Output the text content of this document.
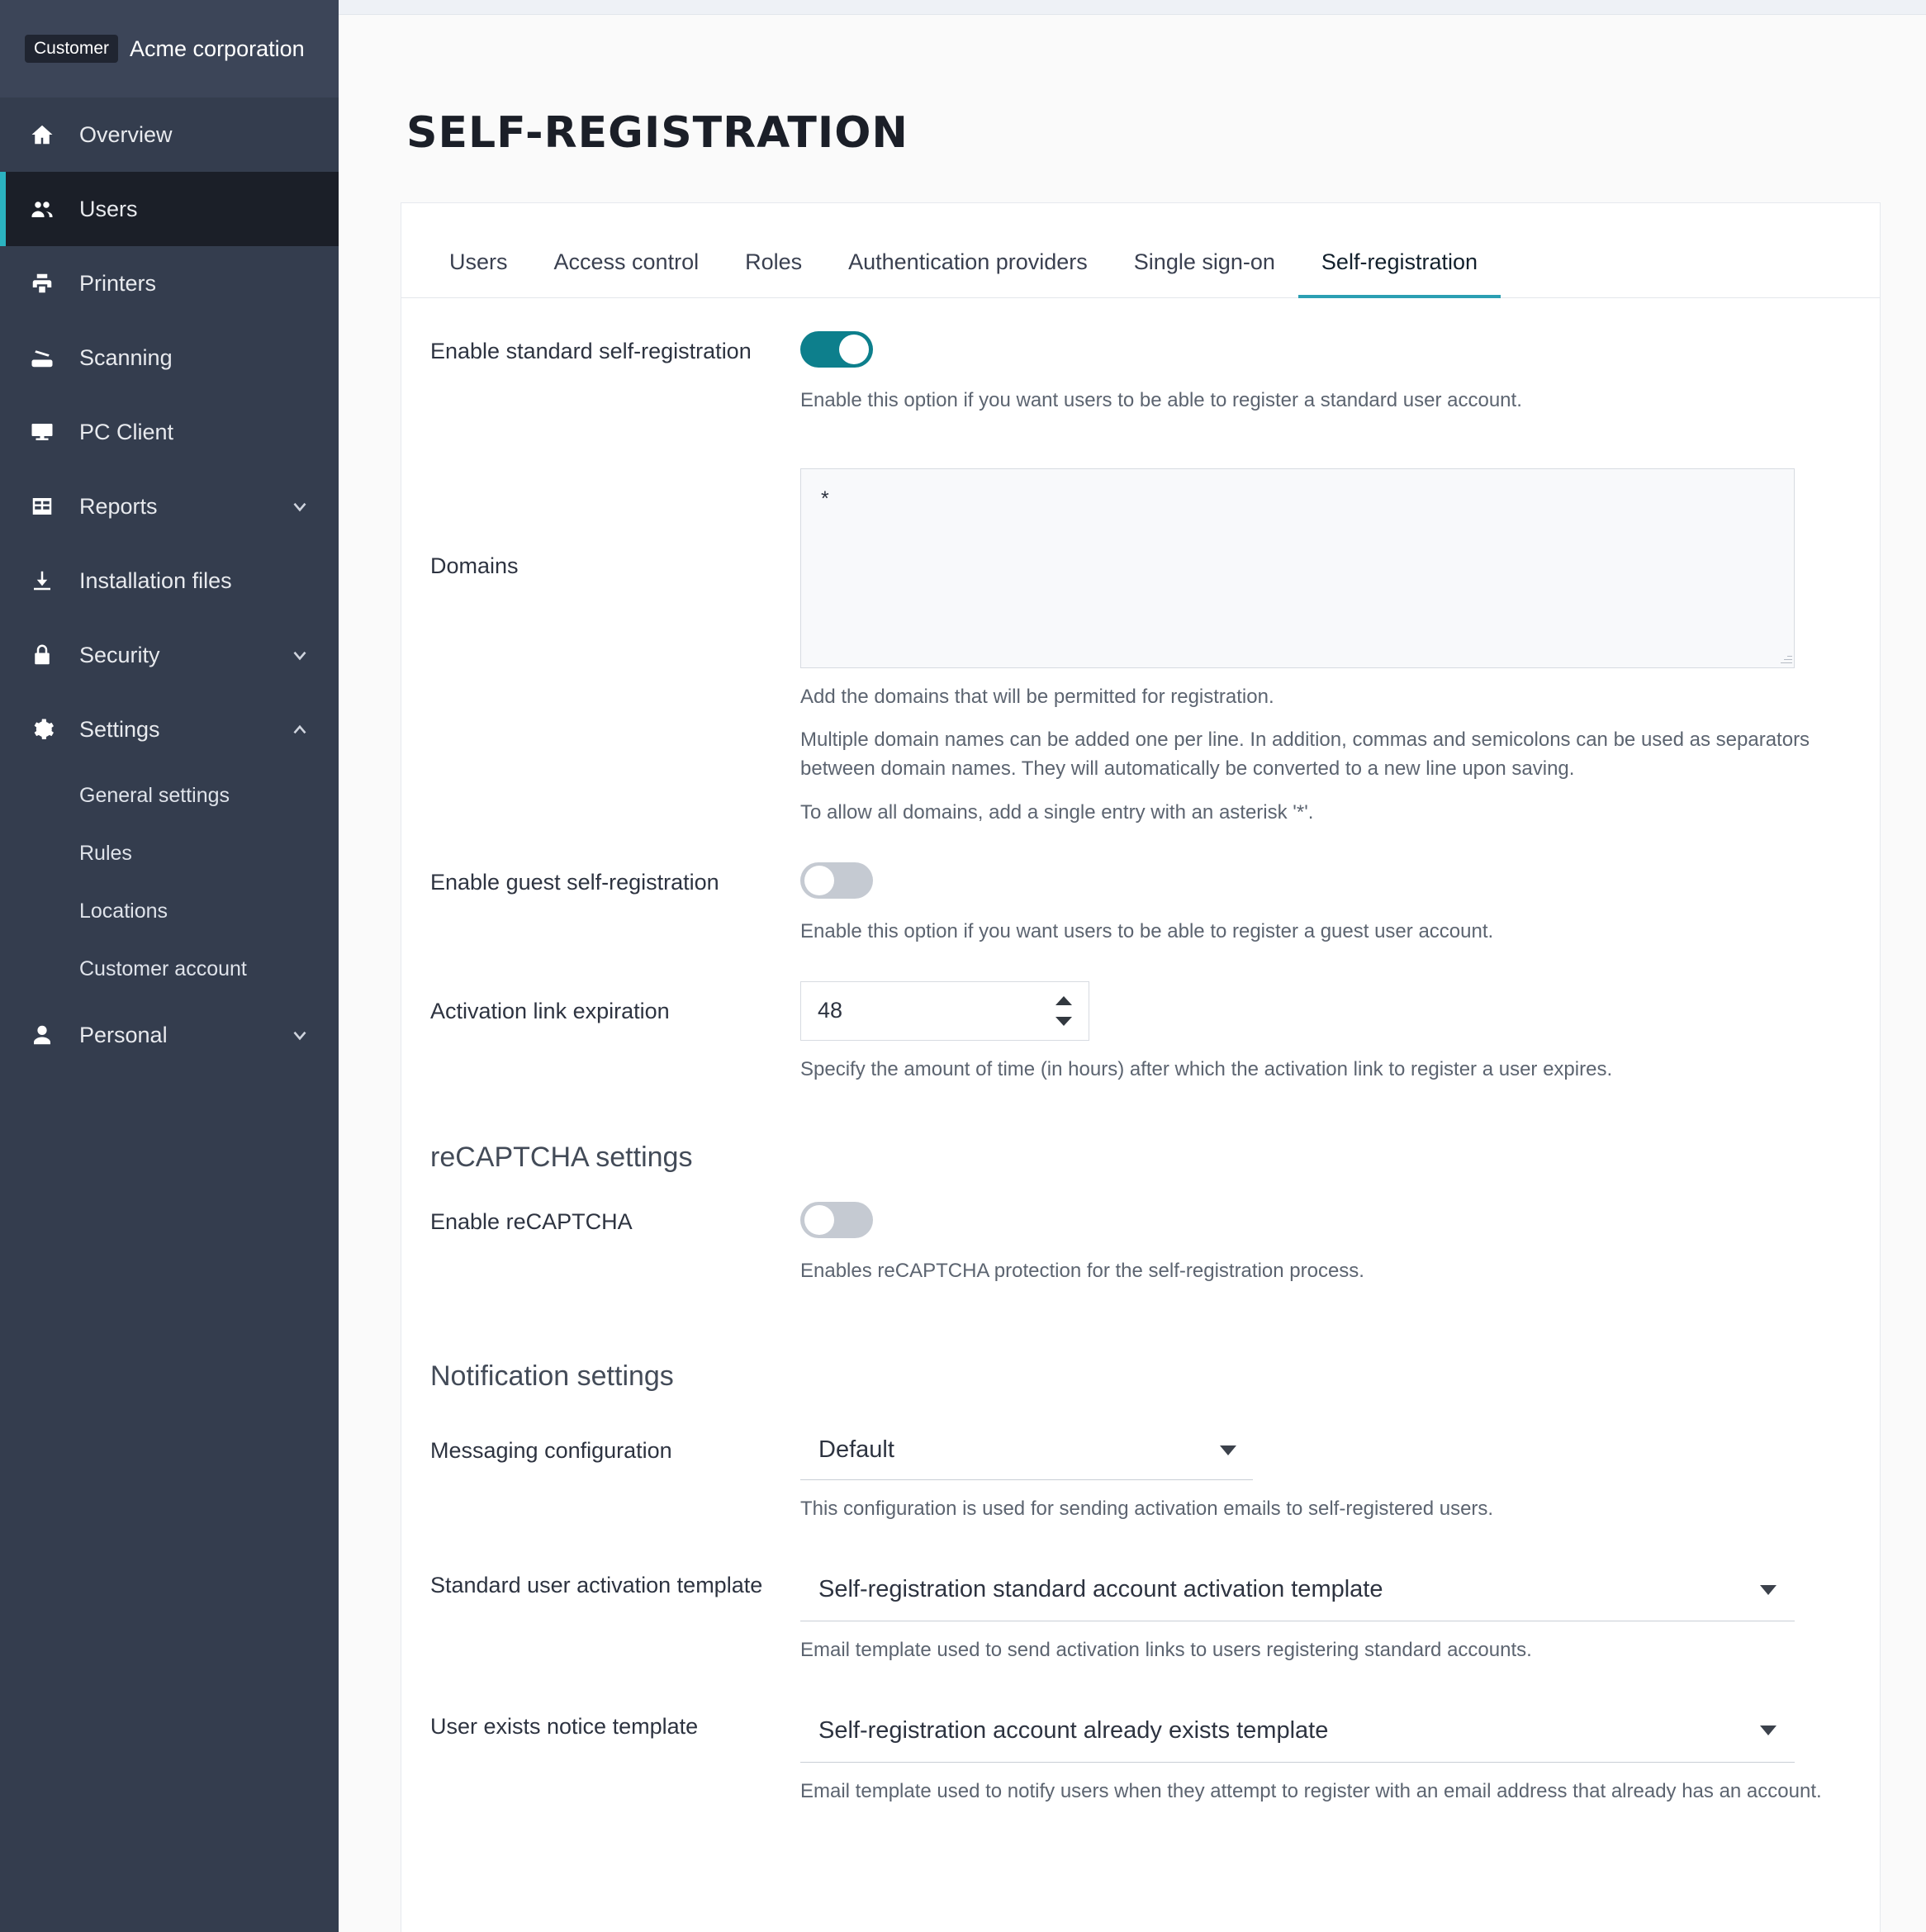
Customer Acme corporation
Overview
Users
Printers
Scanning
PC Client
Reports
Installation files
Security
Settings
General settings
Rules
Locations
Customer account
Personal
SELF-REGISTRATION
Users	Access control	Roles	Authentication providers	Single sign-on	Self-registration
Enable standard self-registration
Enable this option if you want users to be able to register a standard user account.
Domains
*
Add the domains that will be permitted for registration.
Multiple domain names can be added one per line. In addition, commas and semicolons can be used as separators between domain names. They will automatically be converted to a new line upon saving.
To allow all domains, add a single entry with an asterisk '*'.
Enable guest self-registration
Enable this option if you want users to be able to register a guest user account.
Activation link expiration
48
Specify the amount of time (in hours) after which the activation link to register a user expires.
reCAPTCHA settings
Enable reCAPTCHA
Enables reCAPTCHA protection for the self-registration process.
Notification settings
Messaging configuration	Default
This configuration is used for sending activation emails to self-registered users.
Standard user activation template	Self-registration standard account activation template
Email template used to send activation links to users registering standard accounts.
User exists notice template	Self-registration account already exists template
Email template used to notify users when they attempt to register with an email address that already has an account.
